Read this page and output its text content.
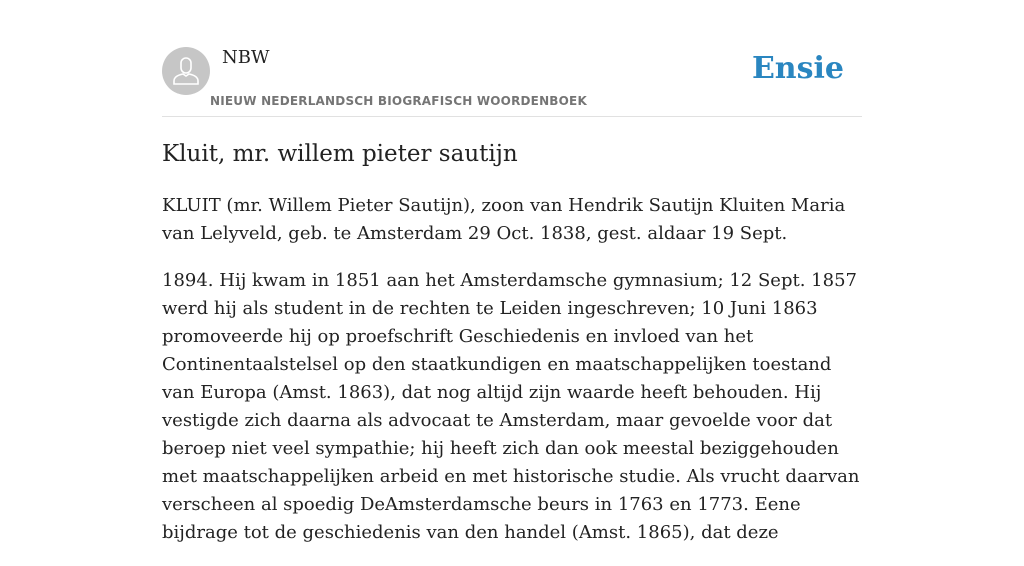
NBW
NIEUW NEDERLANDSCH BIOGRAFISCH WOORDENBOEK
Ensie
Kluit, mr. willem pieter sautijn

KLUIT (mr. Willem Pieter Sautijn), zoon van Hendrik Sautijn Kluiten Maria van Lelyveld, geb. te Amsterdam 29 Oct. 1838, gest. aldaar 19 Sept.

1894. Hij kwam in 1851 aan het Amsterdamsche gymnasium; 12 Sept. 1857 werd hij als student in de rechten te Leiden ingeschreven; 10 Juni 1863 promoveerde hij op proefschrift Geschiedenis en invloed van het Continentaalstelsel op den staatkundigen en maatschappelijken toestand van Europa (Amst. 1863), dat nog altijd zijn waarde heeft behouden. Hij vestigde zich daarna als advocaat te Amsterdam, maar gevoelde voor dat beroep niet veel sympathie; hij heeft zich dan ook meestal beziggehouden met maatschappelijken arbeid en met historische studie. Als vrucht daarvan verscheen al spoedig DeAmsterdamsche beurs in 1763 en 1773. Eene bijdrage tot de geschiedenis van den handel (Amst. 1865), dat deze
